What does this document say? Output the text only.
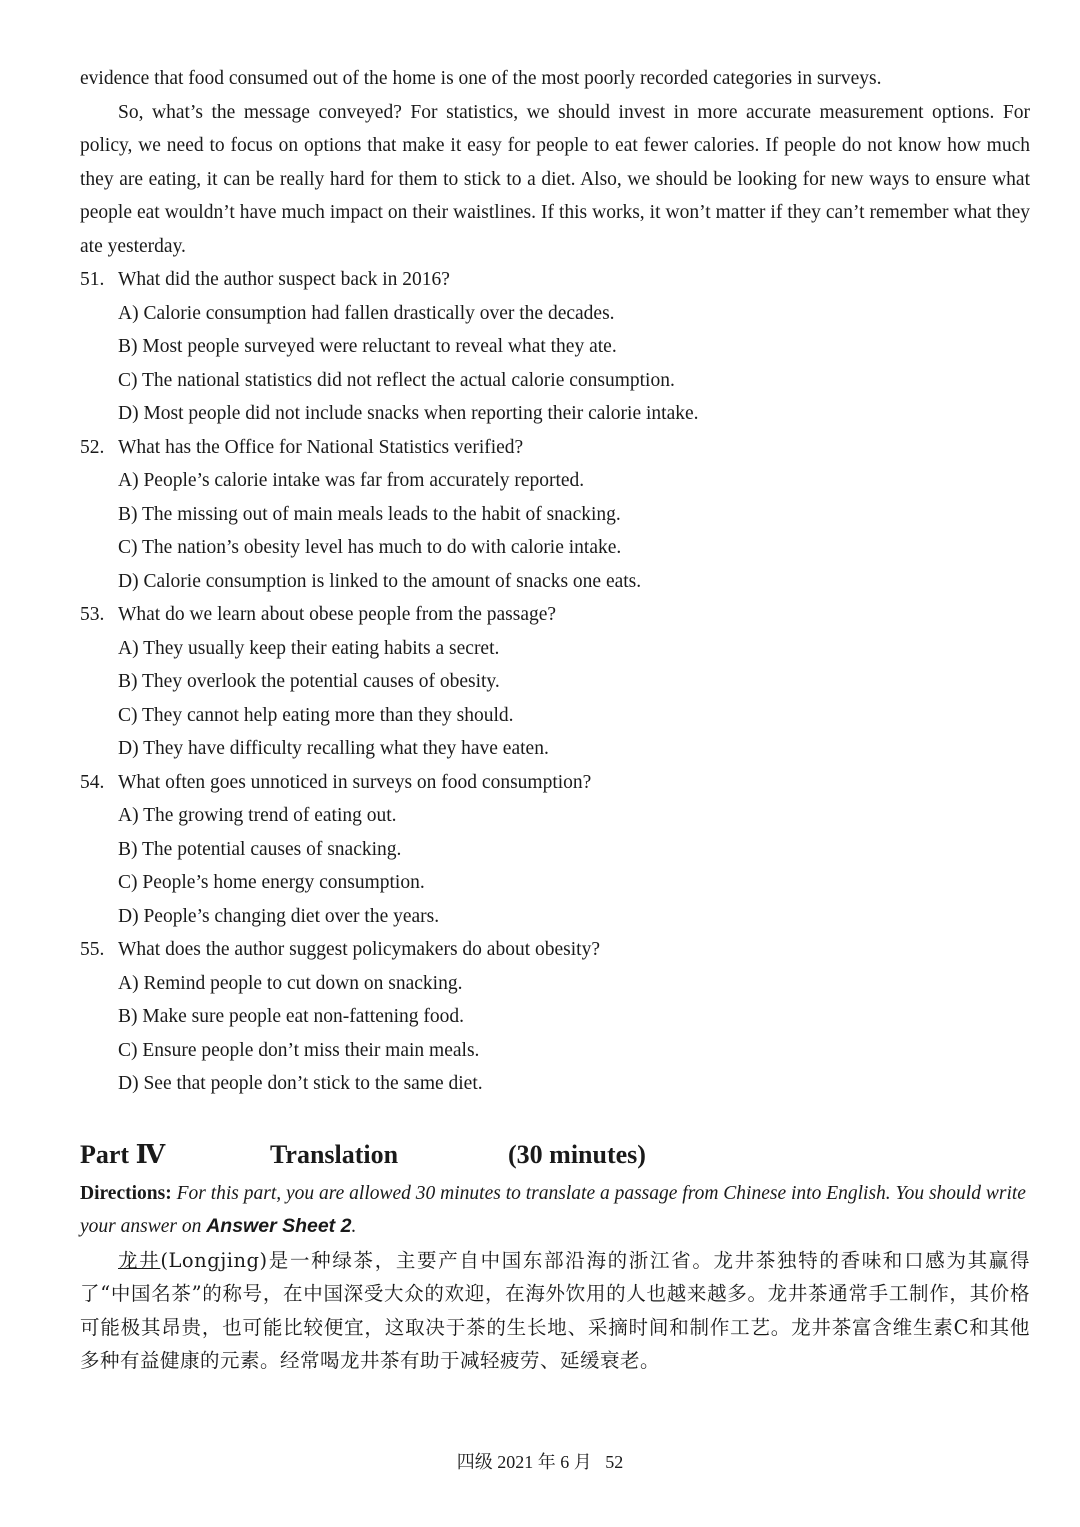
evidence that food consumed out of the home is one of the most poorly recorded categories in surveys.

So, what’s the message conveyed? For statistics, we should invest in more accurate measurement options. For policy, we need to focus on options that make it easy for people to eat fewer calories. If people do not know how much they are eating, it can be really hard for them to stick to a diet. Also, we should be looking for new ways to ensure what people eat wouldn’t have much impact on their waistlines. If this works, it won’t matter if they can’t remember what they ate yesterday.

51. What did the author suspect back in 2016?

A) Calorie consumption had fallen drastically over the decades.

B) Most people surveyed were reluctant to reveal what they ate.

C) The national statistics did not reflect the actual calorie consumption.

D) Most people did not include snacks when reporting their calorie intake.

52. What has the Office for National Statistics verified?

A) People’s calorie intake was far from accurately reported.

B) The missing out of main meals leads to the habit of snacking.

C) The nation’s obesity level has much to do with calorie intake.

D) Calorie consumption is linked to the amount of snacks one eats.

53. What do we learn about obese people from the passage?

A) They usually keep their eating habits a secret.

B) They overlook the potential causes of obesity.

C) They cannot help eating more than they should.

D) They have difficulty recalling what they have eaten.

54. What often goes unnoticed in surveys on food consumption?

A) The growing trend of eating out.

B) The potential causes of snacking.

C) People’s home energy consumption.

D) People’s changing diet over the years.

55. What does the author suggest policymakers do about obesity?

A) Remind people to cut down on snacking.

B) Make sure people eat non-fattening food.

C) Ensure people don’t miss their main meals.

D) See that people don’t stick to the same diet.

Part Ⅳ	Translation	(30 minutes)

Directions: For this part, you are allowed 30 minutes to translate a passage from Chinese into English. You should write your answer on Answer Sheet 2.

龙井(Longjing)是一种绿茶，主要产自中国东部沿海的浙江省。龙井茶独特的香味和口感为其赢得了“中国名茶”的称号，在中国深受大众的欢迎，在海外饮用的人也越来越多。龙井茶通常手工制作，其价格可能极其昂贵，也可能比较便宜，这取决于茶的生长地、采摘时间和制作工艺。龙井茶富含维生素C和其他多种有益健康的元素。经常喝龙井茶有助于减轻疲劳、延缓衰老。

四级 2021 年 6 月 52
